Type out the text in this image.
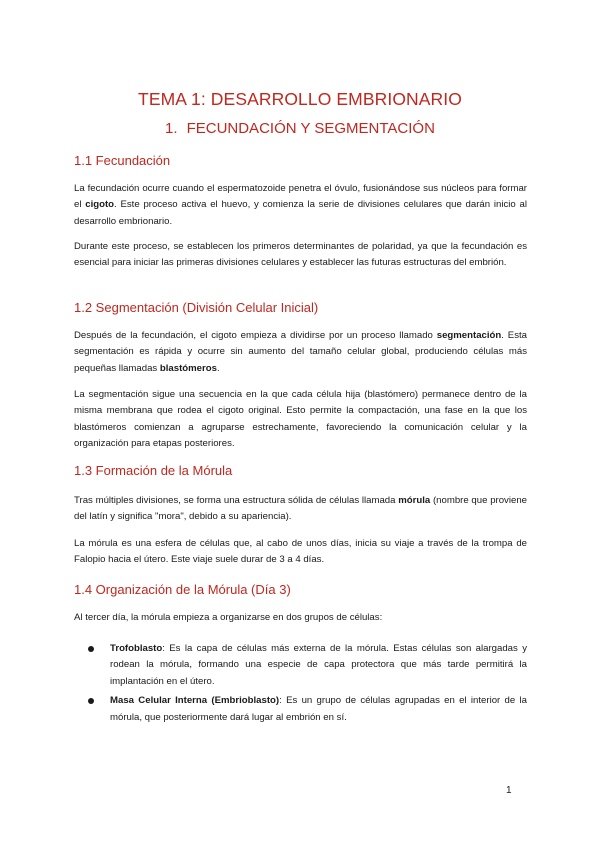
TEMA 1: DESARROLLO EMBRIONARIO
1. FECUNDACIÓN Y SEGMENTACIÓN
1.1 Fecundación

La fecundación ocurre cuando el espermatozoide penetra el óvulo, fusionándose sus núcleos para formar el cigoto. Este proceso activa el huevo, y comienza la serie de divisiones celulares que darán inicio al desarrollo embrionario.

Durante este proceso, se establecen los primeros determinantes de polaridad, ya que la fecundación es esencial para iniciar las primeras divisiones celulares y establecer las futuras estructuras del embrión.

1.2 Segmentación (División Celular Inicial)

Después de la fecundación, el cigoto empieza a dividirse por un proceso llamado segmentación. Esta segmentación es rápida y ocurre sin aumento del tamaño celular global, produciendo células más pequeñas llamadas blastómeros.

La segmentación sigue una secuencia en la que cada célula hija (blastómero) permanece dentro de la misma membrana que rodea el cigoto original. Esto permite la compactación, una fase en la que los blastómeros comienzan a agruparse estrechamente, favoreciendo la comunicación celular y la organización para etapas posteriores.

1.3 Formación de la Mórula

Tras múltiples divisiones, se forma una estructura sólida de células llamada mórula (nombre que proviene del latín y significa "mora", debido a su apariencia).

La mórula es una esfera de células que, al cabo de unos días, inicia su viaje a través de la trompa de Falopio hacia el útero. Este viaje suele durar de 3 a 4 días.

1.4 Organización de la Mórula (Día 3)

Al tercer día, la mórula empieza a organizarse en dos grupos de células:

Trofoblasto: Es la capa de células más externa de la mórula. Estas células son alargadas y rodean la mórula, formando una especie de capa protectora que más tarde permitirá la implantación en el útero.
Masa Celular Interna (Embrioblasto): Es un grupo de células agrupadas en el interior de la mórula, que posteriormente dará lugar al embrión en sí.
1
